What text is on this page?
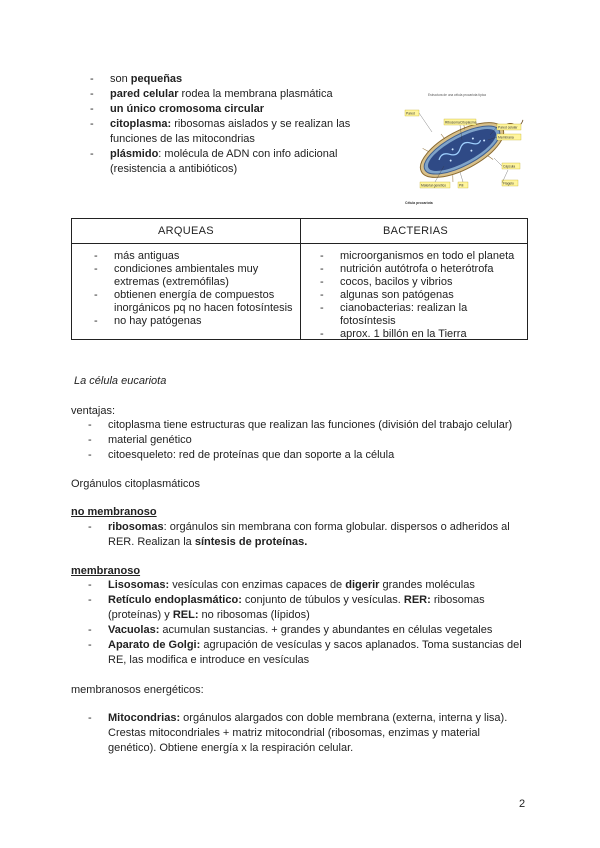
- son pequeñas
- pared celular rodea la membrana plasmática
- un único cromosoma circular
- citoplasma: ribosomas aislados y se realizan las
funciones de las mitocondrias
- plásmido: molécula de ADN con info adicional
(resistencia a antibióticos)
Estructura de una célula procariota típica
Pared
Ribosoma Citoplasma
Pared celular
Membrana
Cápsula
Flagelo
Material genético	Pili
Célula procariota
ARQUEAS	BACTERIAS
- más antiguas
- condiciones ambientales muy
extremas (extremófilas)
- obtienen energía de compuestos
inorgánicos pq no hacen fotosíntesis
- no hay patógenas
- microorganismos en todo el planeta
- nutrición autótrofa o heterótrofa
- cocos, bacilos y vibrios
- algunas son patógenas
- cianobacterias: realizan la
fotosíntesis
- aprox. 1 billón en la Tierra
La célula eucariota
ventajas:
- citoplasma tiene estructuras que realizan las funciones (división del trabajo celular)
- material genético
- citoesqueleto: red de proteínas que dan soporte a la célula
Orgánulos citoplasmáticos
no membranoso
- ribosomas: orgánulos sin membrana con forma globular. dispersos o adheridos al
RER. Realizan la síntesis de proteínas.
membranoso
- Lisosomas: vesículas con enzimas capaces de digerir grandes moléculas
- Retículo endoplasmático: conjunto de túbulos y vesículas. RER: ribosomas
(proteínas) y REL: no ribosomas (lípidos)
- Vacuolas: acumulan sustancias. + grandes y abundantes en células vegetales
- Aparato de Golgi: agrupación de vesículas y sacos aplanados. Toma sustancias del
RE, las modifica e introduce en vesículas
membranosos energéticos:
- Mitocondrias: orgánulos alargados con doble membrana (externa, interna y lisa).
Crestas mitocondriales + matriz mitocondrial (ribosomas, enzimas y material
genético). Obtiene energía x la respiración celular.
2
